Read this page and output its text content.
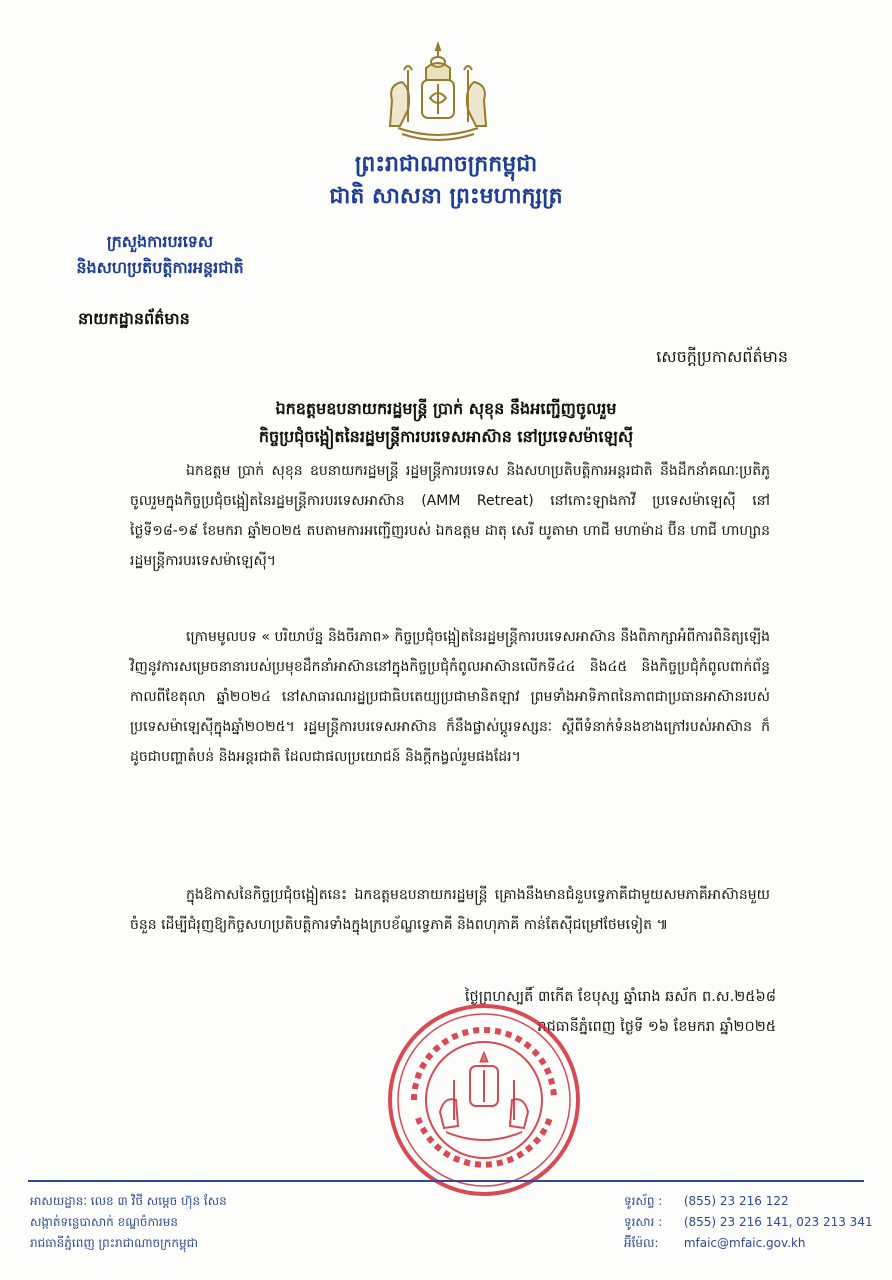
ព្រះរាជាណាចក្រកម្ពុជា
ជាតិ សាសនា ព្រះមហាក្សត្រ
ក្រសួងការបរទេស
និងសហប្រតិបត្តិការអន្តរជាតិ
នាយកដ្ឋានព័ត៌មាន
សេចក្តីប្រកាសព័ត៌មាន
ឯកឧត្តមឧបនាយករដ្ឋមន្ត្រី ប្រាក់ សុខុន នឹងអញ្ជើញចូលរួម
កិច្ចប្រជុំចង្អៀតនៃរដ្ឋមន្ត្រីការបរទេសអាស៊ាន នៅប្រទេសម៉ាឡេស៊ី
ឯកឧត្តម ប្រាក់ សុខុន ឧបនាយករដ្ឋមន្ត្រី រដ្ឋមន្ត្រីការបរទេស និងសហប្រតិបត្តិការអន្តរជាតិ នឹងដឹកនាំគណៈប្រតិភូចូលរួមក្នុងកិច្ចប្រជុំចង្អៀតនៃរដ្ឋមន្ត្រីការបរទេសអាស៊ាន (AMM Retreat) នៅកោះឡាងកាវី ប្រទេសម៉ាឡេស៊ី នៅថ្ងៃទី១៨-១៩ ខែមករា ឆ្នាំ២០២៥ តបតាមការអញ្ជើញរបស់ ឯកឧត្តម ដាតុ សេរី យូតាមា ហាជី មហាម៉ាដ ប៊ីន ហាជី ហាហ្សាន រដ្ឋមន្ត្រីការបរទេសម៉ាឡេស៊ី។
ក្រោមមូលបទ « បរិយាប័ន្ន និងចីរភាព» កិច្ចប្រជុំចង្អៀតនៃរដ្ឋមន្ត្រីការបរទេសអាស៊ាន នឹងពិភាក្សាអំពីការពិនិត្យឡើងវិញនូវការសម្រេចនានារបស់ប្រមុខដឹកនាំអាស៊ាននៅក្នុងកិច្ចប្រជុំកំពូលអាស៊ានលើកទី៤៤ និង៤៥ និងកិច្ចប្រជុំកំពូលពាក់ព័ន្ធ កាលពីខែតុលា ឆ្នាំ២០២៤ នៅសាធារណរដ្ឋប្រជាធិបតេយ្យប្រជាមានិតឡាវ ព្រមទាំងអាទិភាពនៃភាពជាប្រធានអាស៊ានរបស់ប្រទេសម៉ាឡេស៊ីក្នុងឆ្នាំ២០២៥។ រដ្ឋមន្ត្រីការបរទេសអាស៊ាន ក៏នឹងផ្លាស់ប្តូរទស្សនៈ ស្តីពីទំនាក់ទំនងខាងក្រៅរបស់អាស៊ាន ក៏ដូចជាបញ្ហាតំបន់ និងអន្តរជាតិ ដែលជាផលប្រយោជន៍ និងក្តីកង្វល់រួមផងដែរ។
ក្នុងឱកាសនៃកិច្ចប្រជុំចង្អៀតនេះ ឯកឧត្តមឧបនាយករដ្ឋមន្ត្រី គ្រោងនឹងមានជំនួបទ្វេភាគីជាមួយសមភាគីអាស៊ានមួយចំនួន ដើម្បីជំរុញឱ្យកិច្ចសហប្រតិបត្តិការទាំងក្នុងក្របខ័ណ្ឌទ្វេភាគី និងពហុភាគី កាន់តែស៊ីជម្រៅថែមទៀត ៕
ថ្ងៃព្រហស្បតិ៍ ៣កើត ខែបុស្ស ឆ្នាំរោង ឆស័ក ព.ស.២៥៦៨
រាជធានីភ្នំពេញ ថ្ងៃទី ១៦ ខែមករា ឆ្នាំ២០២៥
អាសយដ្ឋានៈ លេខ ៣ វិថី សម្តេច ហ៊ុន សែន
សង្កាត់ទន្លេបាសាក់ ខណ្ឌចំការមន
រាជធានីភ្នំពេញ ព្រះរាជាណាចក្រកម្ពុជា
ទូរស័ព្ទ : (855) 23 216 122
ទូរសារ : (855) 23 216 141, 023 213 341
អ៊ីម៉ែល: mfaic@mfaic.gov.kh
